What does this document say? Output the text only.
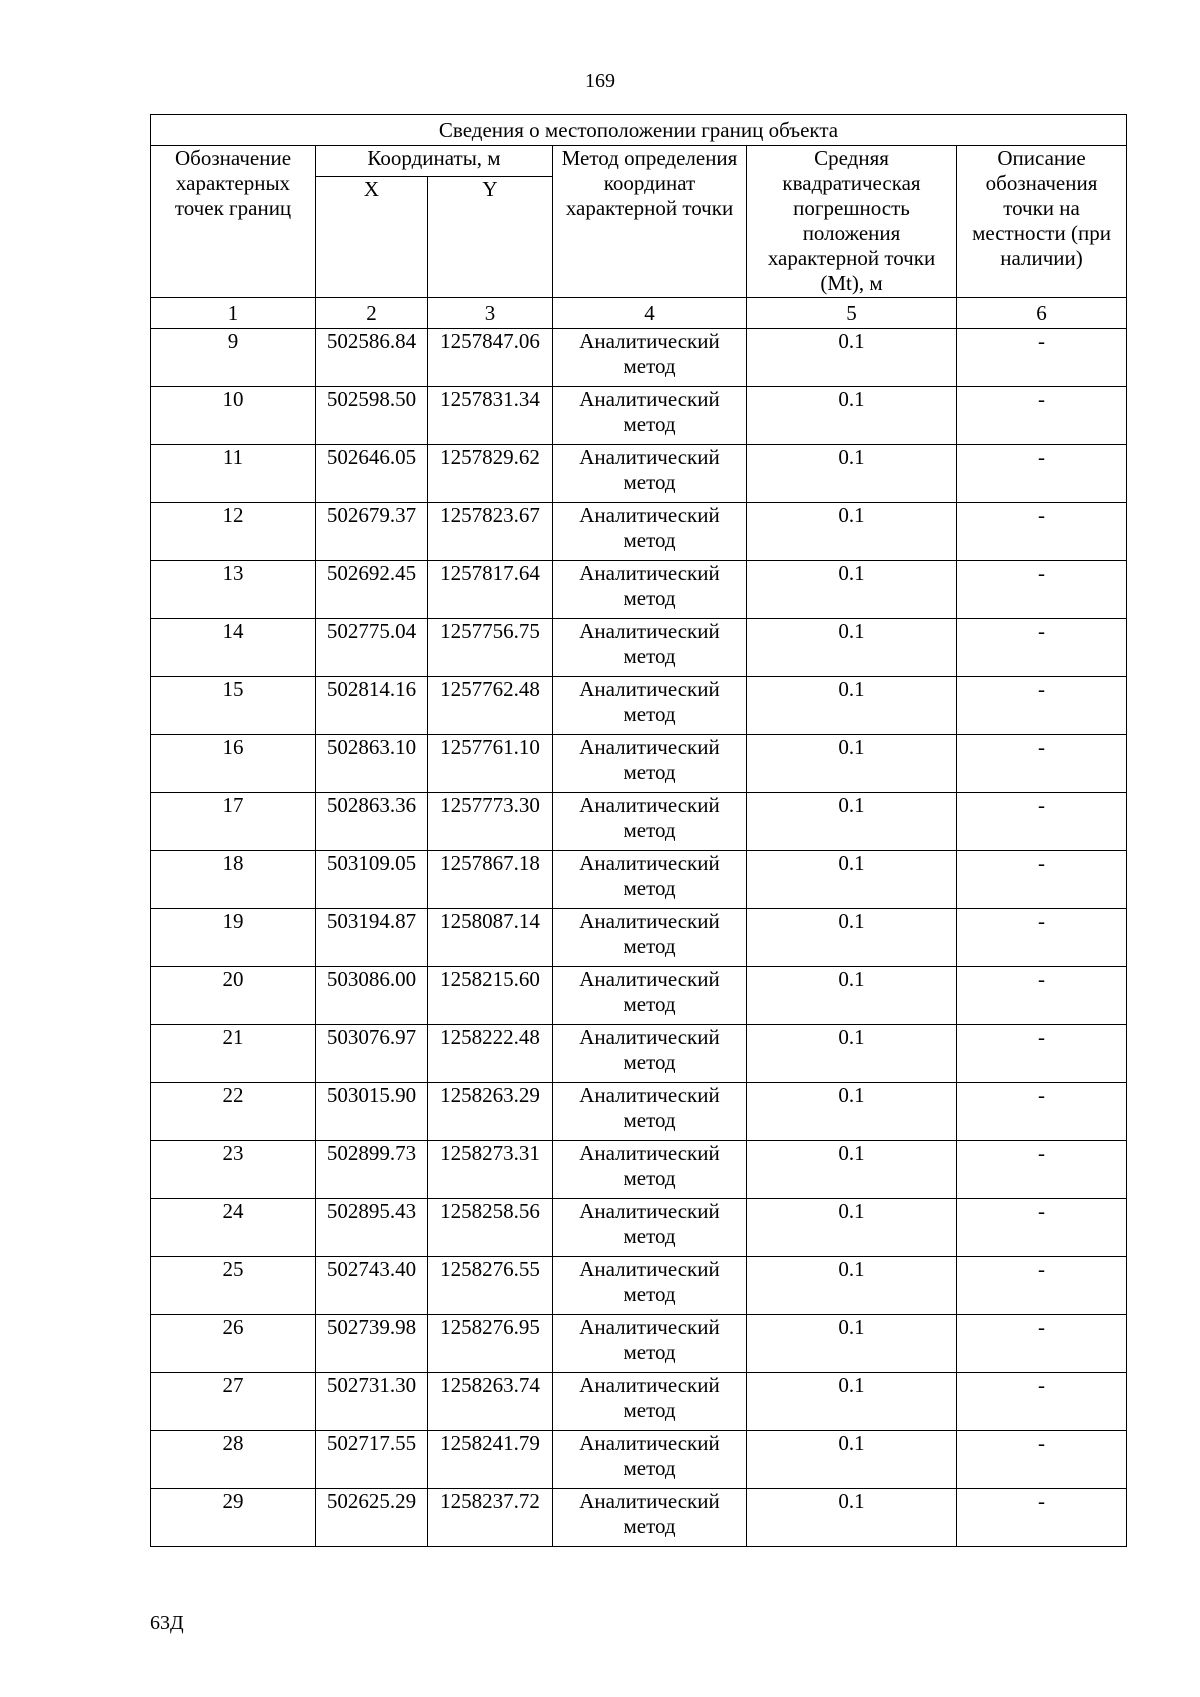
169
Сведения о местоположении границ объекта					
Обозначение характерных точек границ	Координаты, м		Метод определения координат характерной точки	Средняя квадратическая погрешность положения характерной точки (Mt), м	Описание обозначения точки на местности (при наличии)
	X	Y			
1	2	3	4	5	6
9	502586.84	1257847.06	Аналитический метод	0.1	-
10	502598.50	1257831.34	Аналитический метод	0.1	-
11	502646.05	1257829.62	Аналитический метод	0.1	-
12	502679.37	1257823.67	Аналитический метод	0.1	-
13	502692.45	1257817.64	Аналитический метод	0.1	-
14	502775.04	1257756.75	Аналитический метод	0.1	-
15	502814.16	1257762.48	Аналитический метод	0.1	-
16	502863.10	1257761.10	Аналитический метод	0.1	-
17	502863.36	1257773.30	Аналитический метод	0.1	-
18	503109.05	1257867.18	Аналитический метод	0.1	-
19	503194.87	1258087.14	Аналитический метод	0.1	-
20	503086.00	1258215.60	Аналитический метод	0.1	-
21	503076.97	1258222.48	Аналитический метод	0.1	-
22	503015.90	1258263.29	Аналитический метод	0.1	-
23	502899.73	1258273.31	Аналитический метод	0.1	-
24	502895.43	1258258.56	Аналитический метод	0.1	-
25	502743.40	1258276.55	Аналитический метод	0.1	-
26	502739.98	1258276.95	Аналитический метод	0.1	-
27	502731.30	1258263.74	Аналитический метод	0.1	-
28	502717.55	1258241.79	Аналитический метод	0.1	-
29	502625.29	1258237.72	Аналитический метод	0.1	-
63Д
